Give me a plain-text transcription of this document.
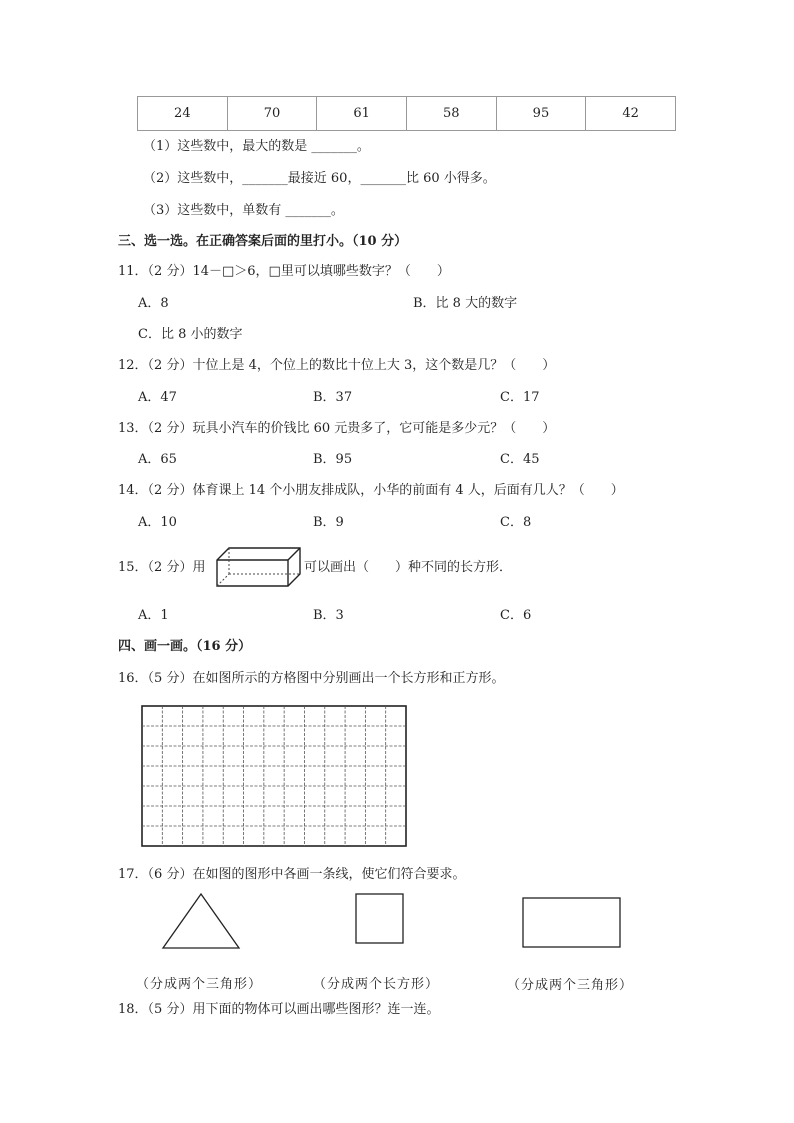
24	70	61	58	95	42
（1）这些数中，最大的数是 _______。
（2）这些数中，_______最接近 60，_______比 60 小得多。
（3）这些数中，单数有 _______。
三、选一选。在正确答案后面的里打小。（10 分）
11．（2 分）14－□＞6，□里可以填哪些数字？（　　）
A．8	B．比 8 大的数字
C．比 8 小的数字
12．（2 分）十位上是 4，个位上的数比十位上大 3，这个数是几？（　　）
A．47	B．37	C．17
13．（2 分）玩具小汽车的价钱比 60 元贵多了，它可能是多少元？（　　）
A．65	B．95	C．45
14．（2 分）体育课上 14 个小朋友排成队，小华的前面有 4 人，后面有几人？（　　）
A．10	B．9	C．8
15．（2 分）用	可以画出（　　）种不同的长方形．
A．1	B．3	C．6
四、画一画。（16 分）
16．（5 分）在如图所示的方格图中分别画出一个长方形和正方形。
17．（6 分）在如图的图形中各画一条线，使它们符合要求。
（分成两个三角形）	（分成两个长方形）	（分成两个三角形）
18．（5 分）用下面的物体可以画出哪些图形？连一连。
